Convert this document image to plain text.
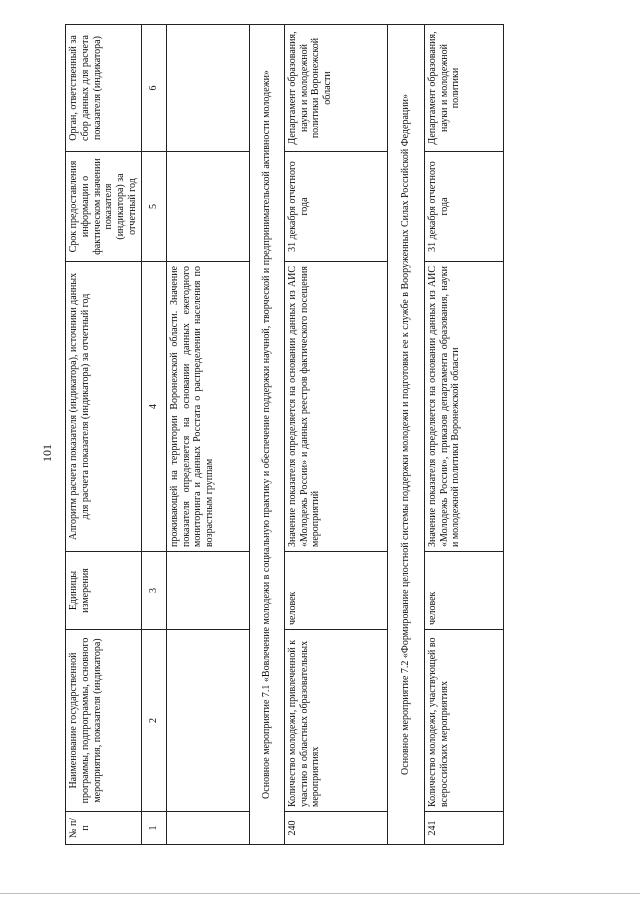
101
№ п/п	Наименование государственной программы, подпрограммы, основного мероприятия, показателя (индикатора)	Единицы измерения	Алгоритм расчета показателя (индикатора), источники данных для расчета показателя (индикатора) за отчетный год	Срок предоставления информации о фактическом значении показателя (индикатора) за отчетный год	Орган, ответственный за сбор данных для расчета показателя (индикатора)
1	2	3	4	5	6
			проживающей на территории Воронежской области. Значение показателя определяется на основании данных ежегодного мониторинга и данных Росстата о распределении населения по возрастным группам		
Основное мероприятие 7.1 «Вовлечение молодежи в социальную практику и обеспечение поддержки научной, творческой и предпринимательской активности молодежи»					
240	Количество молодежи, привлеченной к участию в областных образовательных мероприятиях	человек	Значение показателя определяется на основании данных из АИС «Молодежь России» и данных реестров фактического посещения мероприятий	31 декабря отчетного года	Департамент образования, науки и молодежной политики Воронежской области
Основное мероприятие 7.2 «Формирование целостной системы поддержки молодежи и подготовки ее к службе в Вооруженных Силах Российской Федерации»					
241	Количество молодежи, участвующей во всероссийских мероприятиях	человек	Значение показателя определяется на основании данных из АИС «Молодежь России», приказов департамента образования, науки и молодежной политики Воронежской области	31 декабря отчетного года	Департамент образования, науки и молодежной политики
